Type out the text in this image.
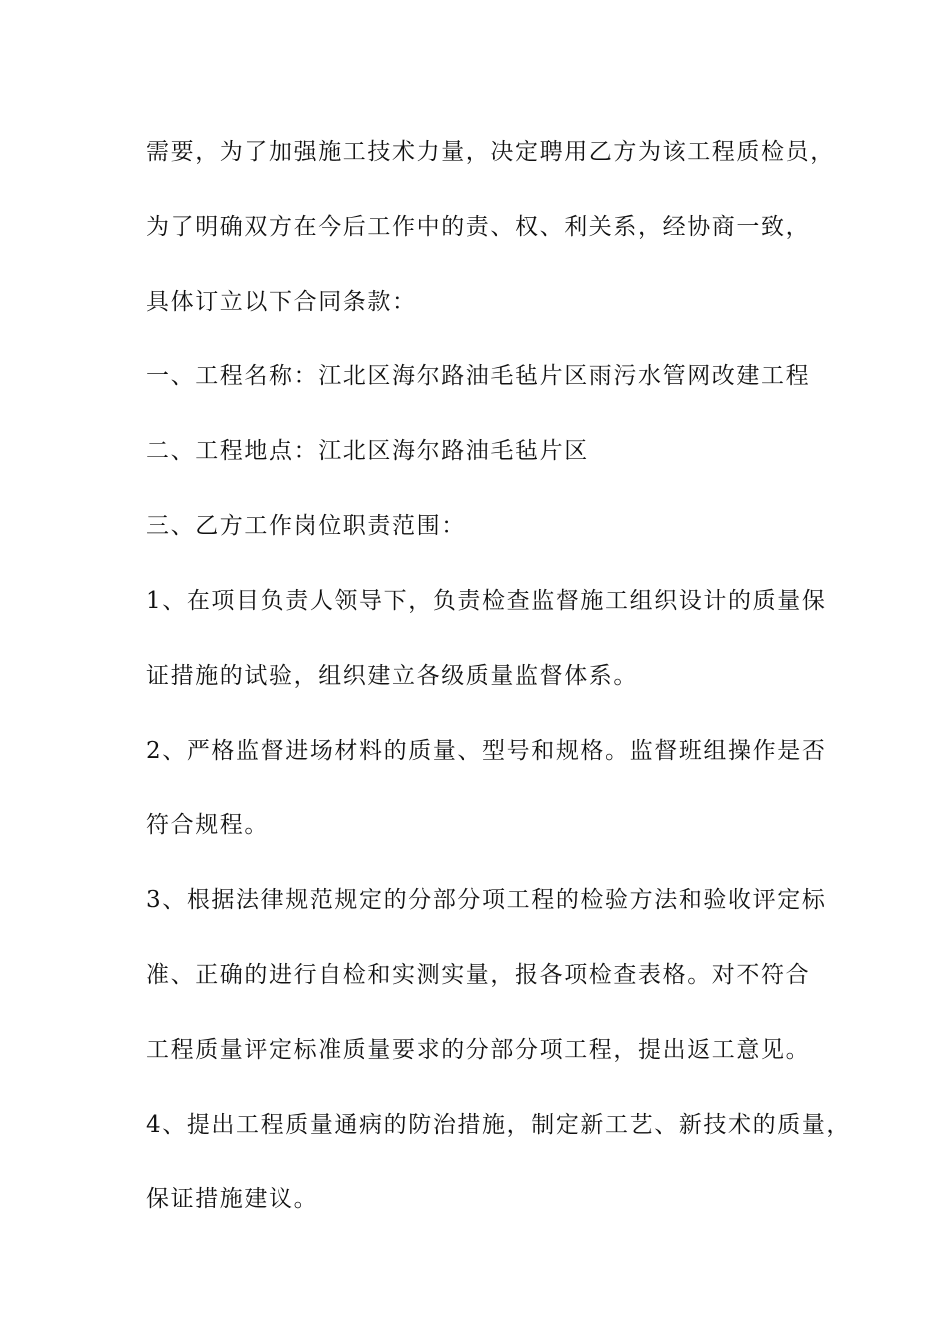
需要，为了加强施工技术力量，决定聘用乙方为该工程质检员，
为了明确双方在今后工作中的责、权、利关系，经协商一致，
具体订立以下合同条款：
一、工程名称：江北区海尔路油毛毡片区雨污水管网改建工程
二、工程地点：江北区海尔路油毛毡片区
三、乙方工作岗位职责范围：
1、在项目负责人领导下，负责检查监督施工组织设计的质量保
证措施的试验，组织建立各级质量监督体系。
2、严格监督进场材料的质量、型号和规格。监督班组操作是否
符合规程。
3、根据法律规范规定的分部分项工程的检验方法和验收评定标
准、正确的进行自检和实测实量，报各项检查表格。对不符合
工程质量评定标准质量要求的分部分项工程，提出返工意见。
4、提出工程质量通病的防治措施，制定新工艺、新技术的质量，
保证措施建议。
